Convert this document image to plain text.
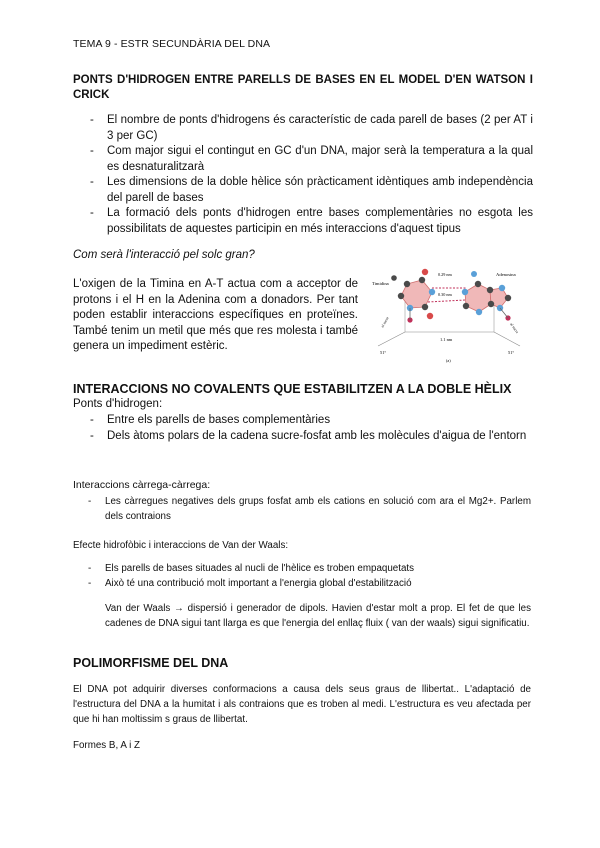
TEMA 9 - ESTR SECUNDÀRIA DEL DNA
PONTS D'HIDROGEN ENTRE PARELLS DE BASES EN EL MODEL D'EN WATSON I CRICK
- El nombre de ponts d'hidrogens és característic de cada parell de bases (2 per AT i 3 per GC)
- Com major sigui el contingut en GC d'un DNA, major serà la temperatura a la qual es desnaturalitzarà
- Les dimensions de la doble hèlice són pràcticament idèntiques amb independència del parell de bases
- La formació dels ponts d'hidrogen entre bases complementàries no esgota les possibilitats de aquestes participin en més interaccions d'aquest tipus
Com serà l'interacció pel solc gran?
L'oxigen de la Timina en A-T actua com a acceptor de protons i el H en la Adenina com a donadors. Per tant poden establir interaccions específiques en proteïnes. També tenim un metil que més que res molesta i també genera un impediment estèric.
Timidina
Adenosina
0.29 nm
0.30 nm
1.1 nm
51°	51°
al sucre	al sucre
(a)
INTERACCIONS NO COVALENTS QUE ESTABILITZEN A LA DOBLE HÈLIX
Ponts d'hidrogen:
- Entre els parells de bases complementàries
- Dels àtoms polars de la cadena sucre-fosfat amb les molècules d'aigua de l'entorn
Interaccions càrrega-càrrega:
- Les càrregues negatives dels grups fosfat amb els cations en solució com ara el Mg2+. Parlem dels contraions
Efecte hidrofòbic i interaccions de Van der Waals:
- Els parells de bases situades al nucli de l'hèlice es troben empaquetats
- Això té una contribució molt important a l'energia global d'estabilització
Van der Waals → dispersió i generador de dipols. Havien d'estar molt a prop. El fet de que les cadenes de DNA sigui tant llarga es que l'energia del enllaç fluix ( van der waals) sigui significatiu.
POLIMORFISME DEL DNA
El DNA pot adquirir diverses conformacions a causa dels seus graus de llibertat.. L'adaptació de l'estructura del DNA a la humitat i als contraions que es troben al medi. L'estructura es veu afectada per que hi han moltissim s graus de llibertat.
Formes B, A i Z
